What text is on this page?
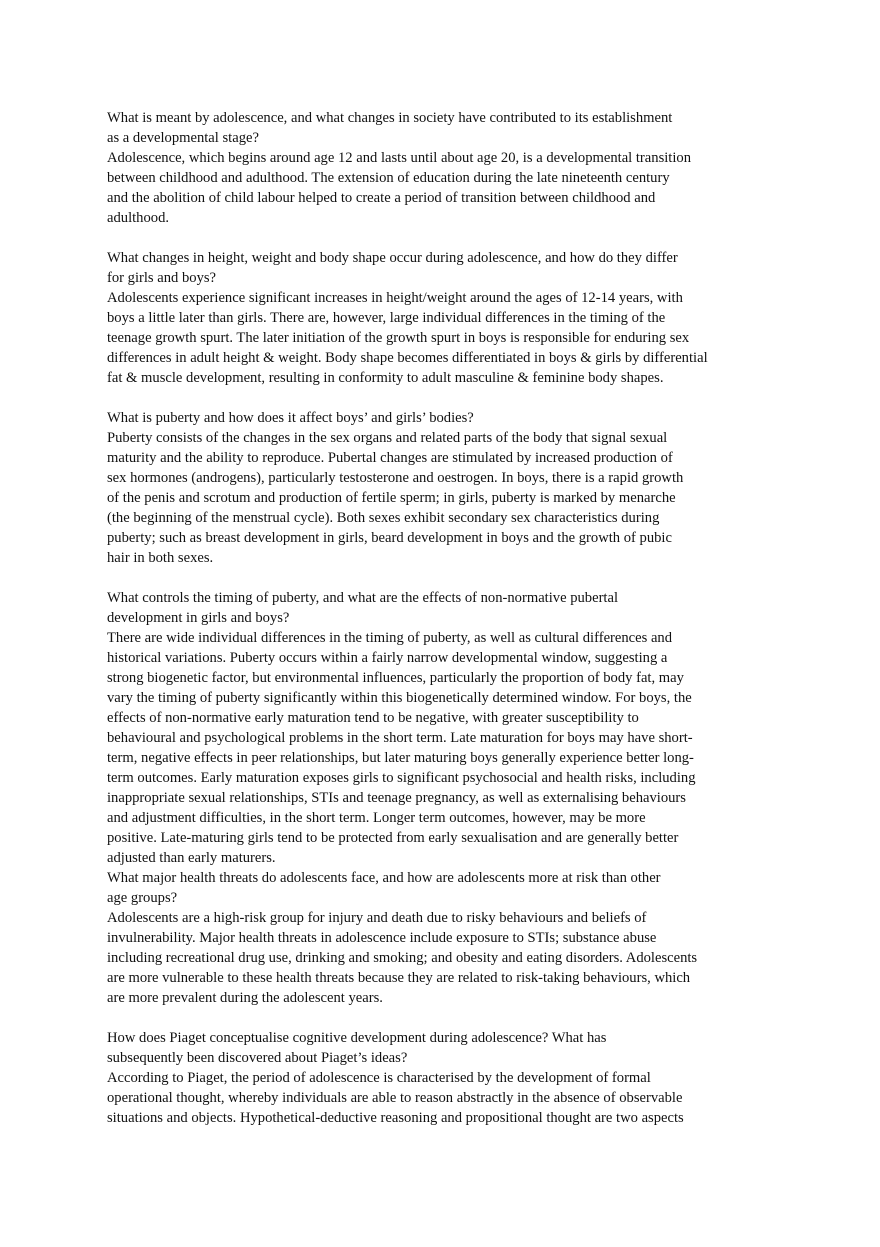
What is meant by adolescence, and what changes in society have contributed to its establishment

as a developmental stage?

Adolescence, which begins around age 12 and lasts until about age 20, is a developmental transition

between childhood and adulthood. The extension of education during the late nineteenth century

and the abolition of child labour helped to create a period of transition between childhood and

adulthood.

What changes in height, weight and body shape occur during adolescence, and how do they differ

for girls and boys?

Adolescents experience significant increases in height/weight around the ages of 12-14 years, with

boys a little later than girls. There are, however, large individual differences in the timing of the

teenage growth spurt. The later initiation of the growth spurt in boys is responsible for enduring sex

differences in adult height & weight. Body shape becomes differentiated in boys & girls by differential

fat & muscle development, resulting in conformity to adult masculine & feminine body shapes.

What is puberty and how does it affect boys’ and girls’ bodies?

Puberty consists of the changes in the sex organs and related parts of the body that signal sexual

maturity and the ability to reproduce. Pubertal changes are stimulated by increased production of

sex hormones (androgens), particularly testosterone and oestrogen. In boys, there is a rapid growth

of the penis and scrotum and production of fertile sperm; in girls, puberty is marked by menarche

(the beginning of the menstrual cycle). Both sexes exhibit secondary sex characteristics during

puberty; such as breast development in girls, beard development in boys and the growth of pubic

hair in both sexes.

What controls the timing of puberty, and what are the effects of non-normative pubertal

development in girls and boys?

There are wide individual differences in the timing of puberty, as well as cultural differences and

historical variations. Puberty occurs within a fairly narrow developmental window, suggesting a

strong biogenetic factor, but environmental influences, particularly the proportion of body fat, may

vary the timing of puberty significantly within this biogenetically determined window. For boys, the

effects of non-normative early maturation tend to be negative, with greater susceptibility to

behavioural and psychological problems in the short term. Late maturation for boys may have short-

term, negative effects in peer relationships, but later maturing boys generally experience better long-

term outcomes. Early maturation exposes girls to significant psychosocial and health risks, including

inappropriate sexual relationships, STIs and teenage pregnancy, as well as externalising behaviours

and adjustment difficulties, in the short term. Longer term outcomes, however, may be more

positive. Late-maturing girls tend to be protected from early sexualisation and are generally better

adjusted than early maturers.

What major health threats do adolescents face, and how are adolescents more at risk than other

age groups?

Adolescents are a high-risk group for injury and death due to risky behaviours and beliefs of

invulnerability. Major health threats in adolescence include exposure to STIs; substance abuse

including recreational drug use, drinking and smoking; and obesity and eating disorders. Adolescents

are more vulnerable to these health threats because they are related to risk-taking behaviours, which

are more prevalent during the adolescent years.

How does Piaget conceptualise cognitive development during adolescence? What has

subsequently been discovered about Piaget’s ideas?

According to Piaget, the period of adolescence is characterised by the development of formal

operational thought, whereby individuals are able to reason abstractly in the absence of observable

situations and objects. Hypothetical-deductive reasoning and propositional thought are two aspects
